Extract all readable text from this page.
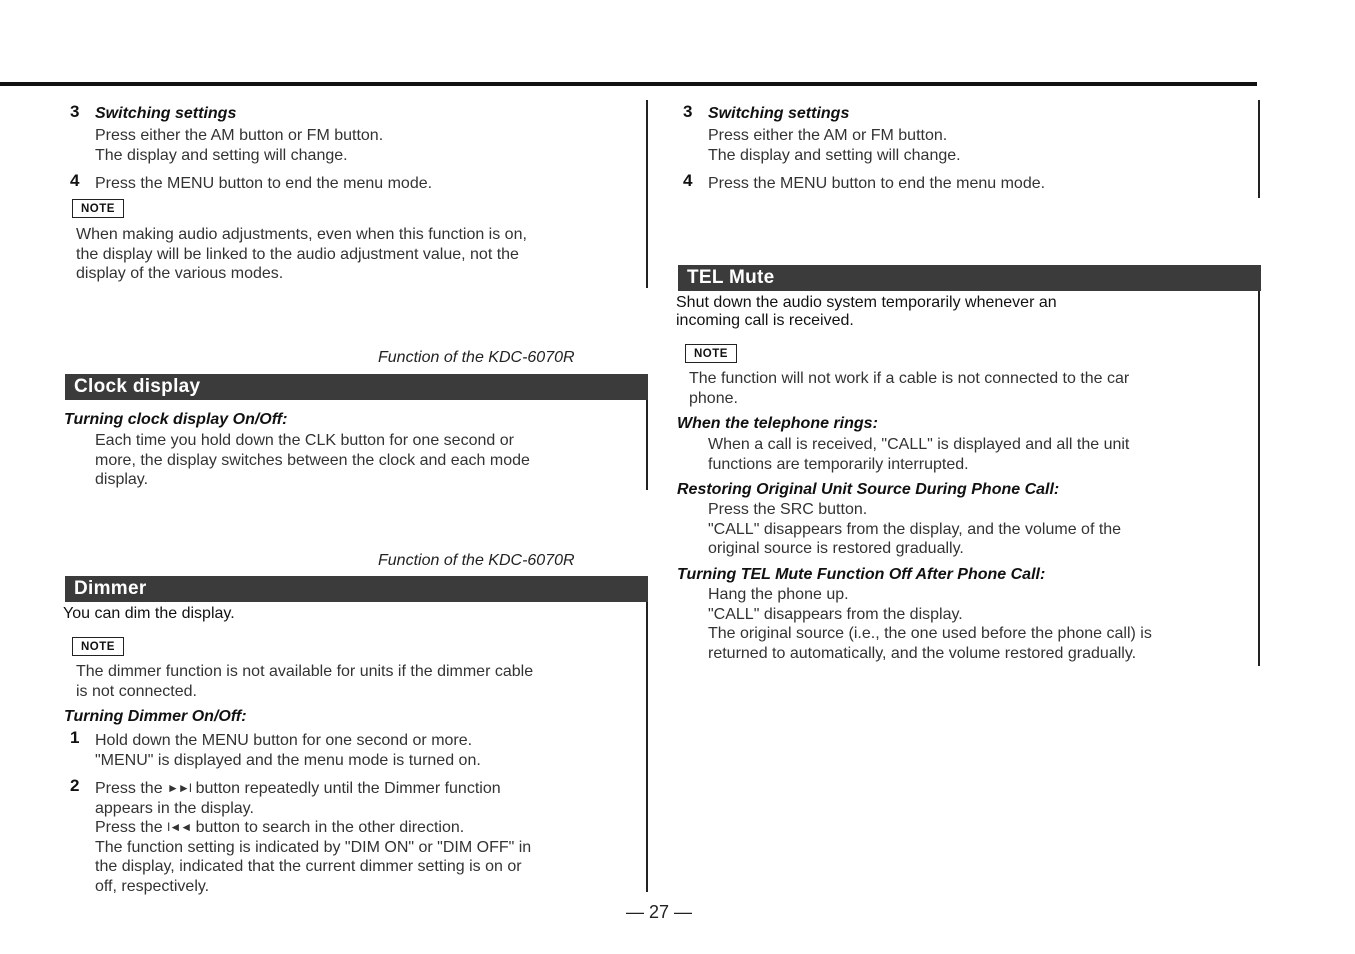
3 Switching settings
Press either the AM button or FM button.
The display and setting will change.
4 Press the MENU button to end the menu mode.
NOTE
When making audio adjustments, even when this function is on,
the display will be linked to the audio adjustment value, not the
display of the various modes.
Function of the KDC-6070R
Clock display
Turning clock display On/Off:
Each time you hold down the CLK button for one second or
more, the display switches between the clock and each mode
display.
Function of the KDC-6070R
Dimmer
You can dim the display.
NOTE
The dimmer function is not available for units if the dimmer cable
is not connected.
Turning Dimmer On/Off:
1 Hold down the MENU button for one second or more.
"MENU" is displayed and the menu mode is turned on.
2 Press the ►►I button repeatedly until the Dimmer function
appears in the display.
Press the I◄◄ button to search in the other direction.
The function setting is indicated by "DIM ON" or "DIM OFF" in
the display, indicated that the current dimmer setting is on or
off, respectively.
3 Switching settings
Press either the AM or FM button.
The display and setting will change.
4 Press the MENU button to end the menu mode.
TEL Mute
Shut down the audio system temporarily whenever an
incoming call is received.
NOTE
The function will not work if a cable is not connected to the car
phone.
When the telephone rings:
When a call is received, "CALL" is displayed and all the unit
functions are temporarily interrupted.
Restoring Original Unit Source During Phone Call:
Press the SRC button.
"CALL" disappears from the display, and the volume of the
original source is restored gradually.
Turning TEL Mute Function Off After Phone Call:
Hang the phone up.
"CALL" disappears from the display.
The original source (i.e., the one used before the phone call) is
returned to automatically, and the volume restored gradually.
— 27 —
